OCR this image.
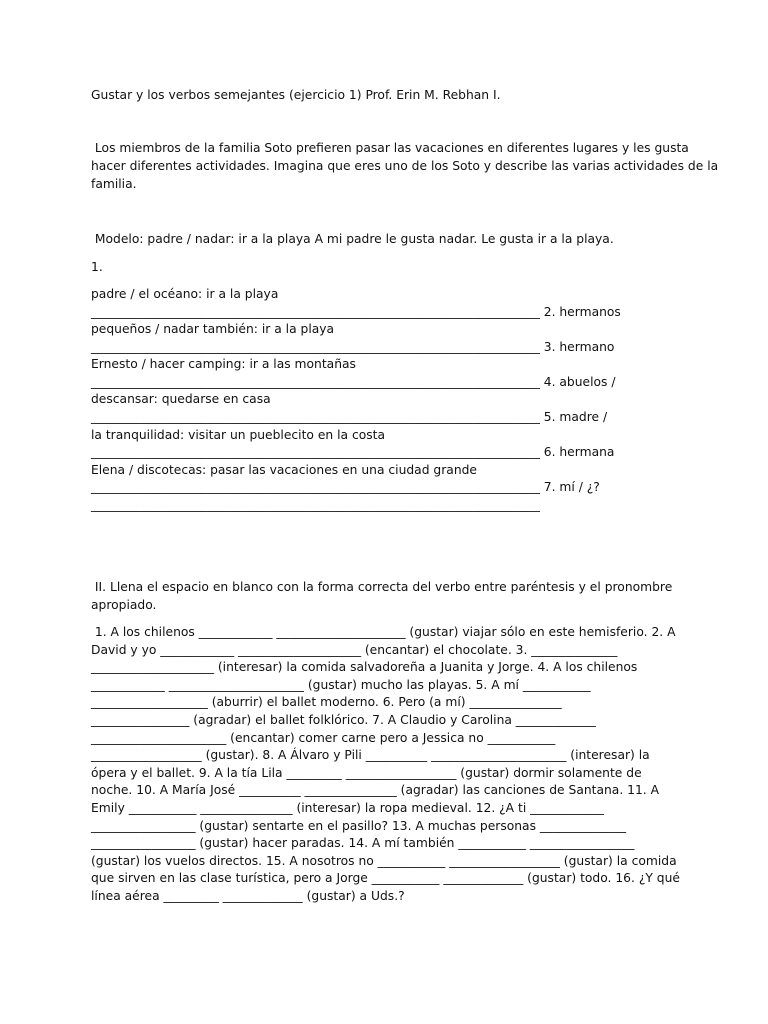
Gustar y los verbos semejantes (ejercicio 1) Prof. Erin M. Rebhan I.
Los miembros de la familia Soto prefieren pasar las vacaciones en diferentes lugares y les gusta
hacer diferentes actividades. Imagina que eres uno de los Soto y describe las varias actividades de la
familia.
Modelo: padre / nadar: ir a la playa A mi padre le gusta nadar. Le gusta ir a la playa.
1.
padre / el océano: ir a la playa
_________________________________________________________________________ 2. hermanos
pequeños / nadar también: ir a la playa
_________________________________________________________________________ 3. hermano
Ernesto / hacer camping: ir a las montañas
_________________________________________________________________________ 4. abuelos /
descansar: quedarse en casa
_________________________________________________________________________ 5. madre /
la tranquilidad: visitar un pueblecito en la costa
_________________________________________________________________________ 6. hermana
Elena / discotecas: pasar las vacaciones en una ciudad grande
_________________________________________________________________________ 7. mí / ¿?
_________________________________________________________________________
II. Llena el espacio en blanco con la forma correcta del verbo entre paréntesis y el pronombre
apropiado.
1. A los chilenos ____________ _____________________ (gustar) viajar sólo en este hemisferio. 2. A
David y yo ____________ ____________________ (encantar) el chocolate. 3. ______________
____________________ (interesar) la comida salvadoreña a Juanita y Jorge. 4. A los chilenos
____________ ______________________ (gustar) mucho las playas. 5. A mí ___________
___________________ (aburrir) el ballet moderno. 6. Pero (a mí) _______________
________________ (agradar) el ballet folklórico. 7. A Claudio y Carolina _____________
______________________ (encantar) comer carne pero a Jessica no ___________
__________________ (gustar). 8. A Álvaro y Pili __________ ______________________ (interesar) la
ópera y el ballet. 9. A la tía Lila _________ __________________ (gustar) dormir solamente de
noche. 10. A María José __________ _______________ (agradar) las canciones de Santana. 11. A
Emily ___________ _______________ (interesar) la ropa medieval. 12. ¿A ti ____________
_________________ (gustar) sentarte en el pasillo? 13. A muchas personas ______________
_________________ (gustar) hacer paradas. 14. A mí también ___________ _________________
(gustar) los vuelos directos. 15. A nosotros no ___________ __________________ (gustar) la comida
que sirven en las clase turística, pero a Jorge ___________ _____________ (gustar) todo. 16. ¿Y qué
línea aérea _________ _____________ (gustar) a Uds.?
